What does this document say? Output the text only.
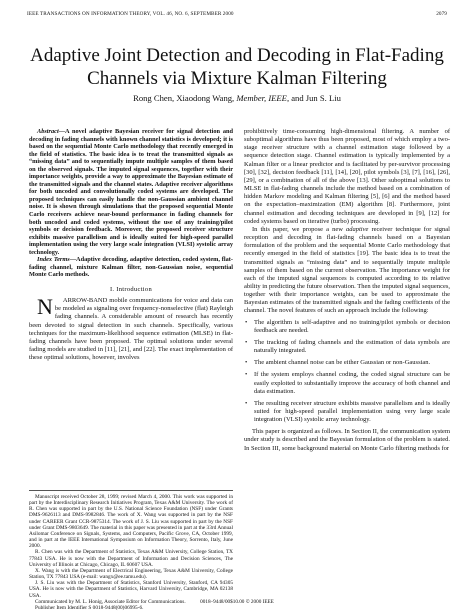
IEEE TRANSACTIONS ON INFORMATION THEORY, VOL. 46, NO. 6, SEPTEMBER 2000	2079
Adaptive Joint Detection and Decoding in Flat-Fading
Channels via Mixture Kalman Filtering
Rong Chen, Xiaodong Wang, Member, IEEE, and Jun S. Liu

Abstract—A novel adaptive Bayesian receiver for signal detection and decoding in fading channels with known channel statistics is developed; it is based on the sequential Monte Carlo methodology that recently emerged in the field of statistics. The basic idea is to treat the transmitted signals as “missing data” and to sequentially impute multiple samples of them based on the observed signals. The imputed signal sequences, together with their importance weights, provide a way to approximate the Bayesian estimate of the transmitted signals and the channel states. Adaptive receiver algorithms for both uncoded and convolutionally coded systems are developed. The proposed techniques can easily handle the non-Gaussian ambient channel noise. It is shown through simulations that the proposed sequential Monte Carlo receivers achieve near-bound performance in fading channels for both uncoded and coded systems, without the use of any training/pilot symbols or decision feedback. Moreover, the proposed receiver structure exhibits massive parallelism and is ideally suited for high-speed parallel implementation using the very large scale integration (VLSI) systolic array technology.

Index Terms—Adaptive decoding, adaptive detection, coded system, flat-fading channel, mixture Kalman filter, non-Gaussian noise, sequential Monte Carlo methods.

I. Introduction

N ARROW-BAND mobile communications for voice and data can be modeled as signaling over frequency-nonselective (flat) Rayleigh fading channels. A considerable amount of research has recently been devoted to signal detection in such channels. Specifically, various techniques for the maximum-likelihood sequence estimation (MLSE) in flat-fading channels have been proposed. The optimal solutions under several fading models are studied in [11], [21], and [22]. The exact implementation of these optimal solutions, however, involves

Manuscript received October 28, 1999; revised March 4, 2000. This work was supported in part by the Interdisciplinary Research Initiatives Program, Texas A&M University. The work of R. Chen was supported in part by the U.S. National Science Foundation (NSF) under Grants DMS-9626113 and DMS-9982846. The work of X. Wang was supported in part by the NSF under CAREER Grant CCR-9875314. The work of J. S. Liu was supported in part by the NSF under Grant DMS-9803649. The material in this paper was presented in part at the 33rd Annual Asilomar Conference on Signals, Systems, and Computers, Pacific Grove, CA, October 1999, and in part at the IEEE International Symposium on Information Theory, Sorrento, Italy, June 2000.

R. Chen was with the Department of Statistics, Texas A&M University, College Station, TX 77843 USA. He is now with the Department of Information and Decision Sciences, The University of Illinois at Chicago, Chicago, IL 60607 USA.

X. Wang is with the Department of Electrical Engineering, Texas A&M University, College Station, TX 77843 USA (e-mail: wangx@ee.tamu.edu).

J. S. Liu was with the Department of Statistics, Stanford University, Stanford, CA 94305 USA. He is now with the Department of Statistics, Harvard University, Cambridge, MA 02138 USA.

Communicated by M. L. Honig, Associate Editor for Communications.

Publisher Item Identifier S 0018-9448(00)06995-6.

prohibitively time-consuming high-dimensional filtering. A number of suboptimal algorithms have thus been proposed, most of which employ a two-stage receiver structure with a channel estimation stage followed by a sequence detection stage. Channel estimation is typically implemented by a Kalman filter or a linear predictor and is facilitated by per-survivor processing [30], [32], decision feedback [11], [14], [20], pilot symbols [3], [7], [16], [26], [29], or a combination of all of the above [13]. Other suboptimal solutions to MLSE in flat-fading channels include the method based on a combination of hidden Markov modeling and Kalman filtering [5], [6] and the method based on the expectation–maximization (EM) algorithm [8]. Furthermore, joint channel estimation and decoding techniques are developed in [9], [12] for coded systems based on iterative (turbo) processing.

In this paper, we propose a new adaptive receiver technique for signal reception and decoding in flat-fading channels based on a Bayesian formulation of the problem and the sequential Monte Carlo methodology that recently emerged in the field of statistics [19]. The basic idea is to treat the transmitted signals as “missing data” and to sequentially impute multiple samples of them based on the current observation. The importance weight for each of the imputed signal sequences is computed according to its relative ability in predicting the future observation. Then the imputed signal sequences, together with their importance weights, can be used to approximate the Bayesian estimates of the transmitted signals and the fading coefficients of the channel. The novel features of such an approach include the following:

• The algorithm is self-adaptive and no training/pilot symbols or decision feedback are needed.
• The tracking of fading channels and the estimation of data symbols are naturally integrated.
• The ambient channel noise can be either Gaussian or non-Gaussian.
• If the system employs channel coding, the coded signal structure can be easily exploited to substantially improve the accuracy of both channel and data estimation.
• The resulting receiver structure exhibits massive parallelism and is ideally suited for high-speed parallel implementation using very large scale integration (VLSI) systolic array technology.

This paper is organized as follows. In Section II, the communication system under study is described and the Bayesian formulation of the problem is stated. In Section III, some background material on Monte Carlo filtering methods for

0018–9448/00$10.00 © 2000 IEEE
